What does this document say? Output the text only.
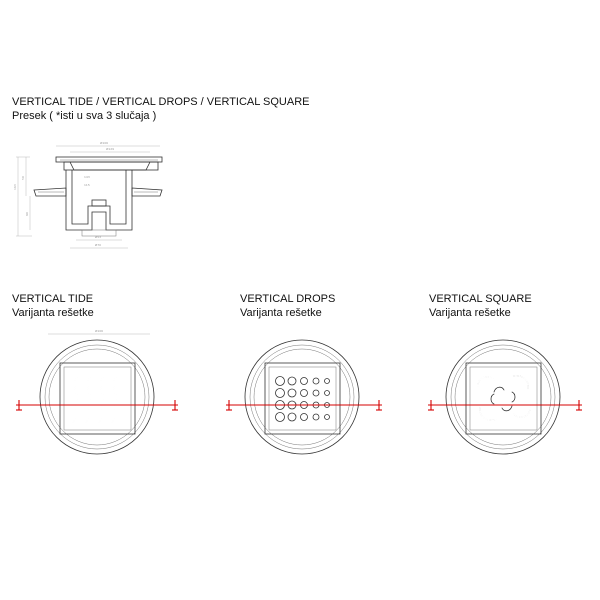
VERTICAL TIDE / VERTICAL DROPS / VERTICAL SQUARE
Presek ( *isti u sva 3 slučaja )
VERTICAL TIDE
Varijanta rešetke
VERTICAL DROPS
Varijanta rešetke
VERTICAL SQUARE
Varijanta rešetke
Ø106
Ø129
143
115
Ø53
Ø70
163
50
90
Ø106
